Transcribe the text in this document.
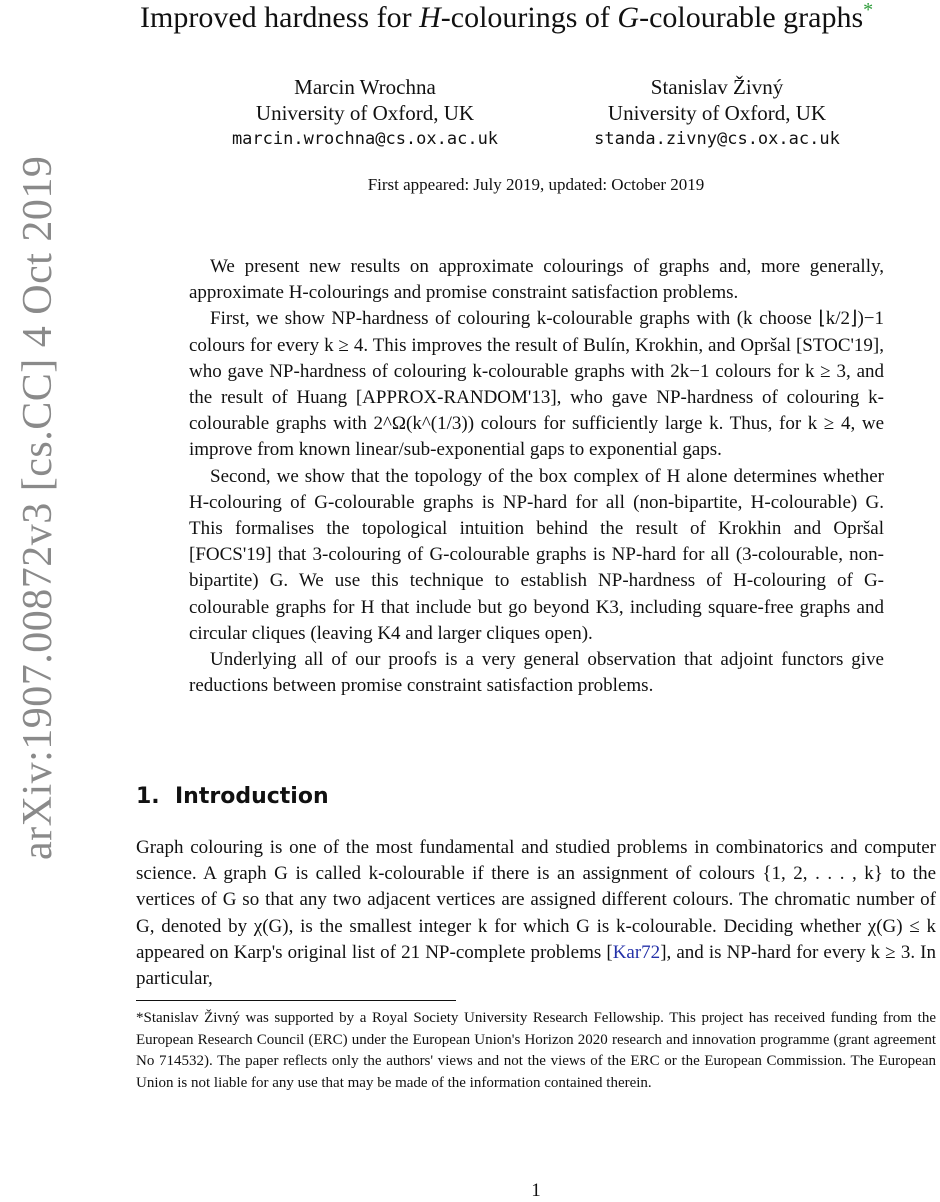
arXiv:1907.00872v3 [cs.CC] 4 Oct 2019
Improved hardness for H-colourings of G-colourable graphs*
Marcin Wrochna
University of Oxford, UK
marcin.wrochna@cs.ox.ac.uk
Stanislav Živný
University of Oxford, UK
standa.zivny@cs.ox.ac.uk
First appeared: July 2019, updated: October 2019

We present new results on approximate colourings of graphs and, more generally, approximate H-colourings and promise constraint satisfaction problems.

First, we show NP-hardness of colouring k-colourable graphs with (k choose ⌊k/2⌋)−1 colours for every k ≥ 4. This improves the result of Bulín, Krokhin, and Opršal [STOC'19], who gave NP-hardness of colouring k-colourable graphs with 2k−1 colours for k ≥ 3, and the result of Huang [APPROX-RANDOM'13], who gave NP-hardness of colouring k-colourable graphs with 2^Ω(k^(1/3)) colours for sufficiently large k. Thus, for k ≥ 4, we improve from known linear/sub-exponential gaps to exponential gaps.

Second, we show that the topology of the box complex of H alone determines whether H-colouring of G-colourable graphs is NP-hard for all (non-bipartite, H-colourable) G. This formalises the topological intuition behind the result of Krokhin and Opršal [FOCS'19] that 3-colouring of G-colourable graphs is NP-hard for all (3-colourable, non-bipartite) G. We use this technique to establish NP-hardness of H-colouring of G-colourable graphs for H that include but go beyond K3, including square-free graphs and circular cliques (leaving K4 and larger cliques open).

Underlying all of our proofs is a very general observation that adjoint functors give reductions between promise constraint satisfaction problems.

1. Introduction

Graph colouring is one of the most fundamental and studied problems in combinatorics and computer science. A graph G is called k-colourable if there is an assignment of colours {1, 2, . . . , k} to the vertices of G so that any two adjacent vertices are assigned different colours. The chromatic number of G, denoted by χ(G), is the smallest integer k for which G is k-colourable. Deciding whether χ(G) ≤ k appeared on Karp's original list of 21 NP-complete problems [Kar72], and is NP-hard for every k ≥ 3. In particular,

*Stanislav Živný was supported by a Royal Society University Research Fellowship. This project has received funding from the European Research Council (ERC) under the European Union's Horizon 2020 research and innovation programme (grant agreement No 714532). The paper reflects only the authors' views and not the views of the ERC or the European Commission. The European Union is not liable for any use that may be made of the information contained therein.

1
